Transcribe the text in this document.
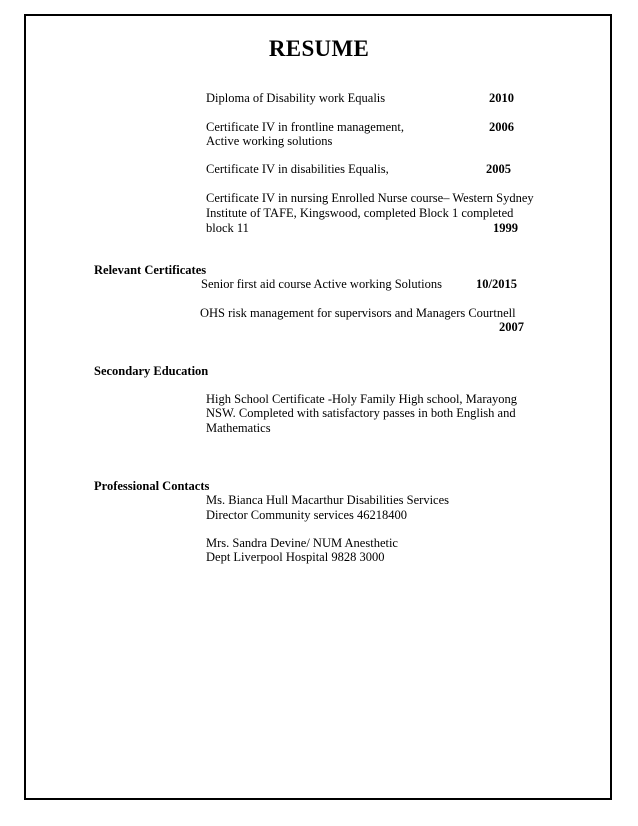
RESUME
Diploma of Disability work Equalis	2010
Certificate IV in frontline management,
Active working solutions
2006
Certificate IV in disabilities Equalis,	2005
Certificate IV in nursing Enrolled Nurse course– Western Sydney
Institute of TAFE, Kingswood, completed Block 1 completed
block 11	1999
Relevant Certificates
Senior first aid course Active working Solutions	10/2015
OHS risk management for supervisors and Managers Courtnell
2007
Secondary Education
High School Certificate -Holy Family High school, Marayong
NSW. Completed with satisfactory passes in both English and
Mathematics
Professional Contacts
Ms. Bianca Hull Macarthur Disabilities Services
Director Community services 46218400
Mrs. Sandra Devine/ NUM Anesthetic
Dept Liverpool Hospital 9828 3000
